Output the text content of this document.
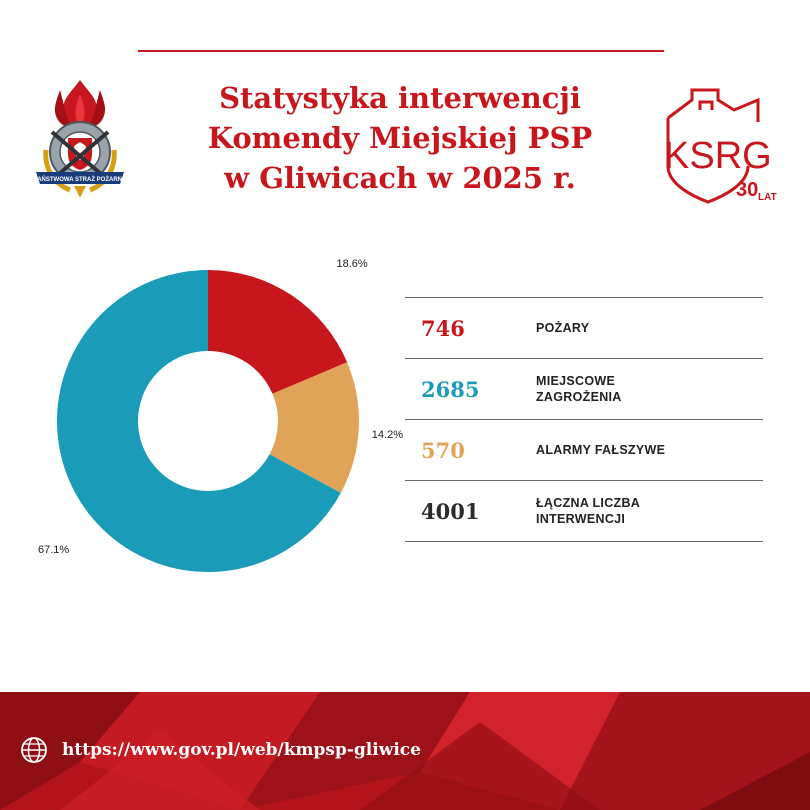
PAŃSTWOWA STRAŻ POŻARNA
Statystyka interwencji
Komendy Miejskiej PSP
w Gliwicach w 2025 r.
KSRG
30 LAT
18.6%
67.1%
14.2%
746	POŻARY
2685	MIEJSCOWE
ZAGROŻENIA
570	ALARMY FAŁSZYWE
4001	ŁĄCZNA LICZBA
INTERWENCJI
https://www.gov.pl/web/kmpsp-gliwice
